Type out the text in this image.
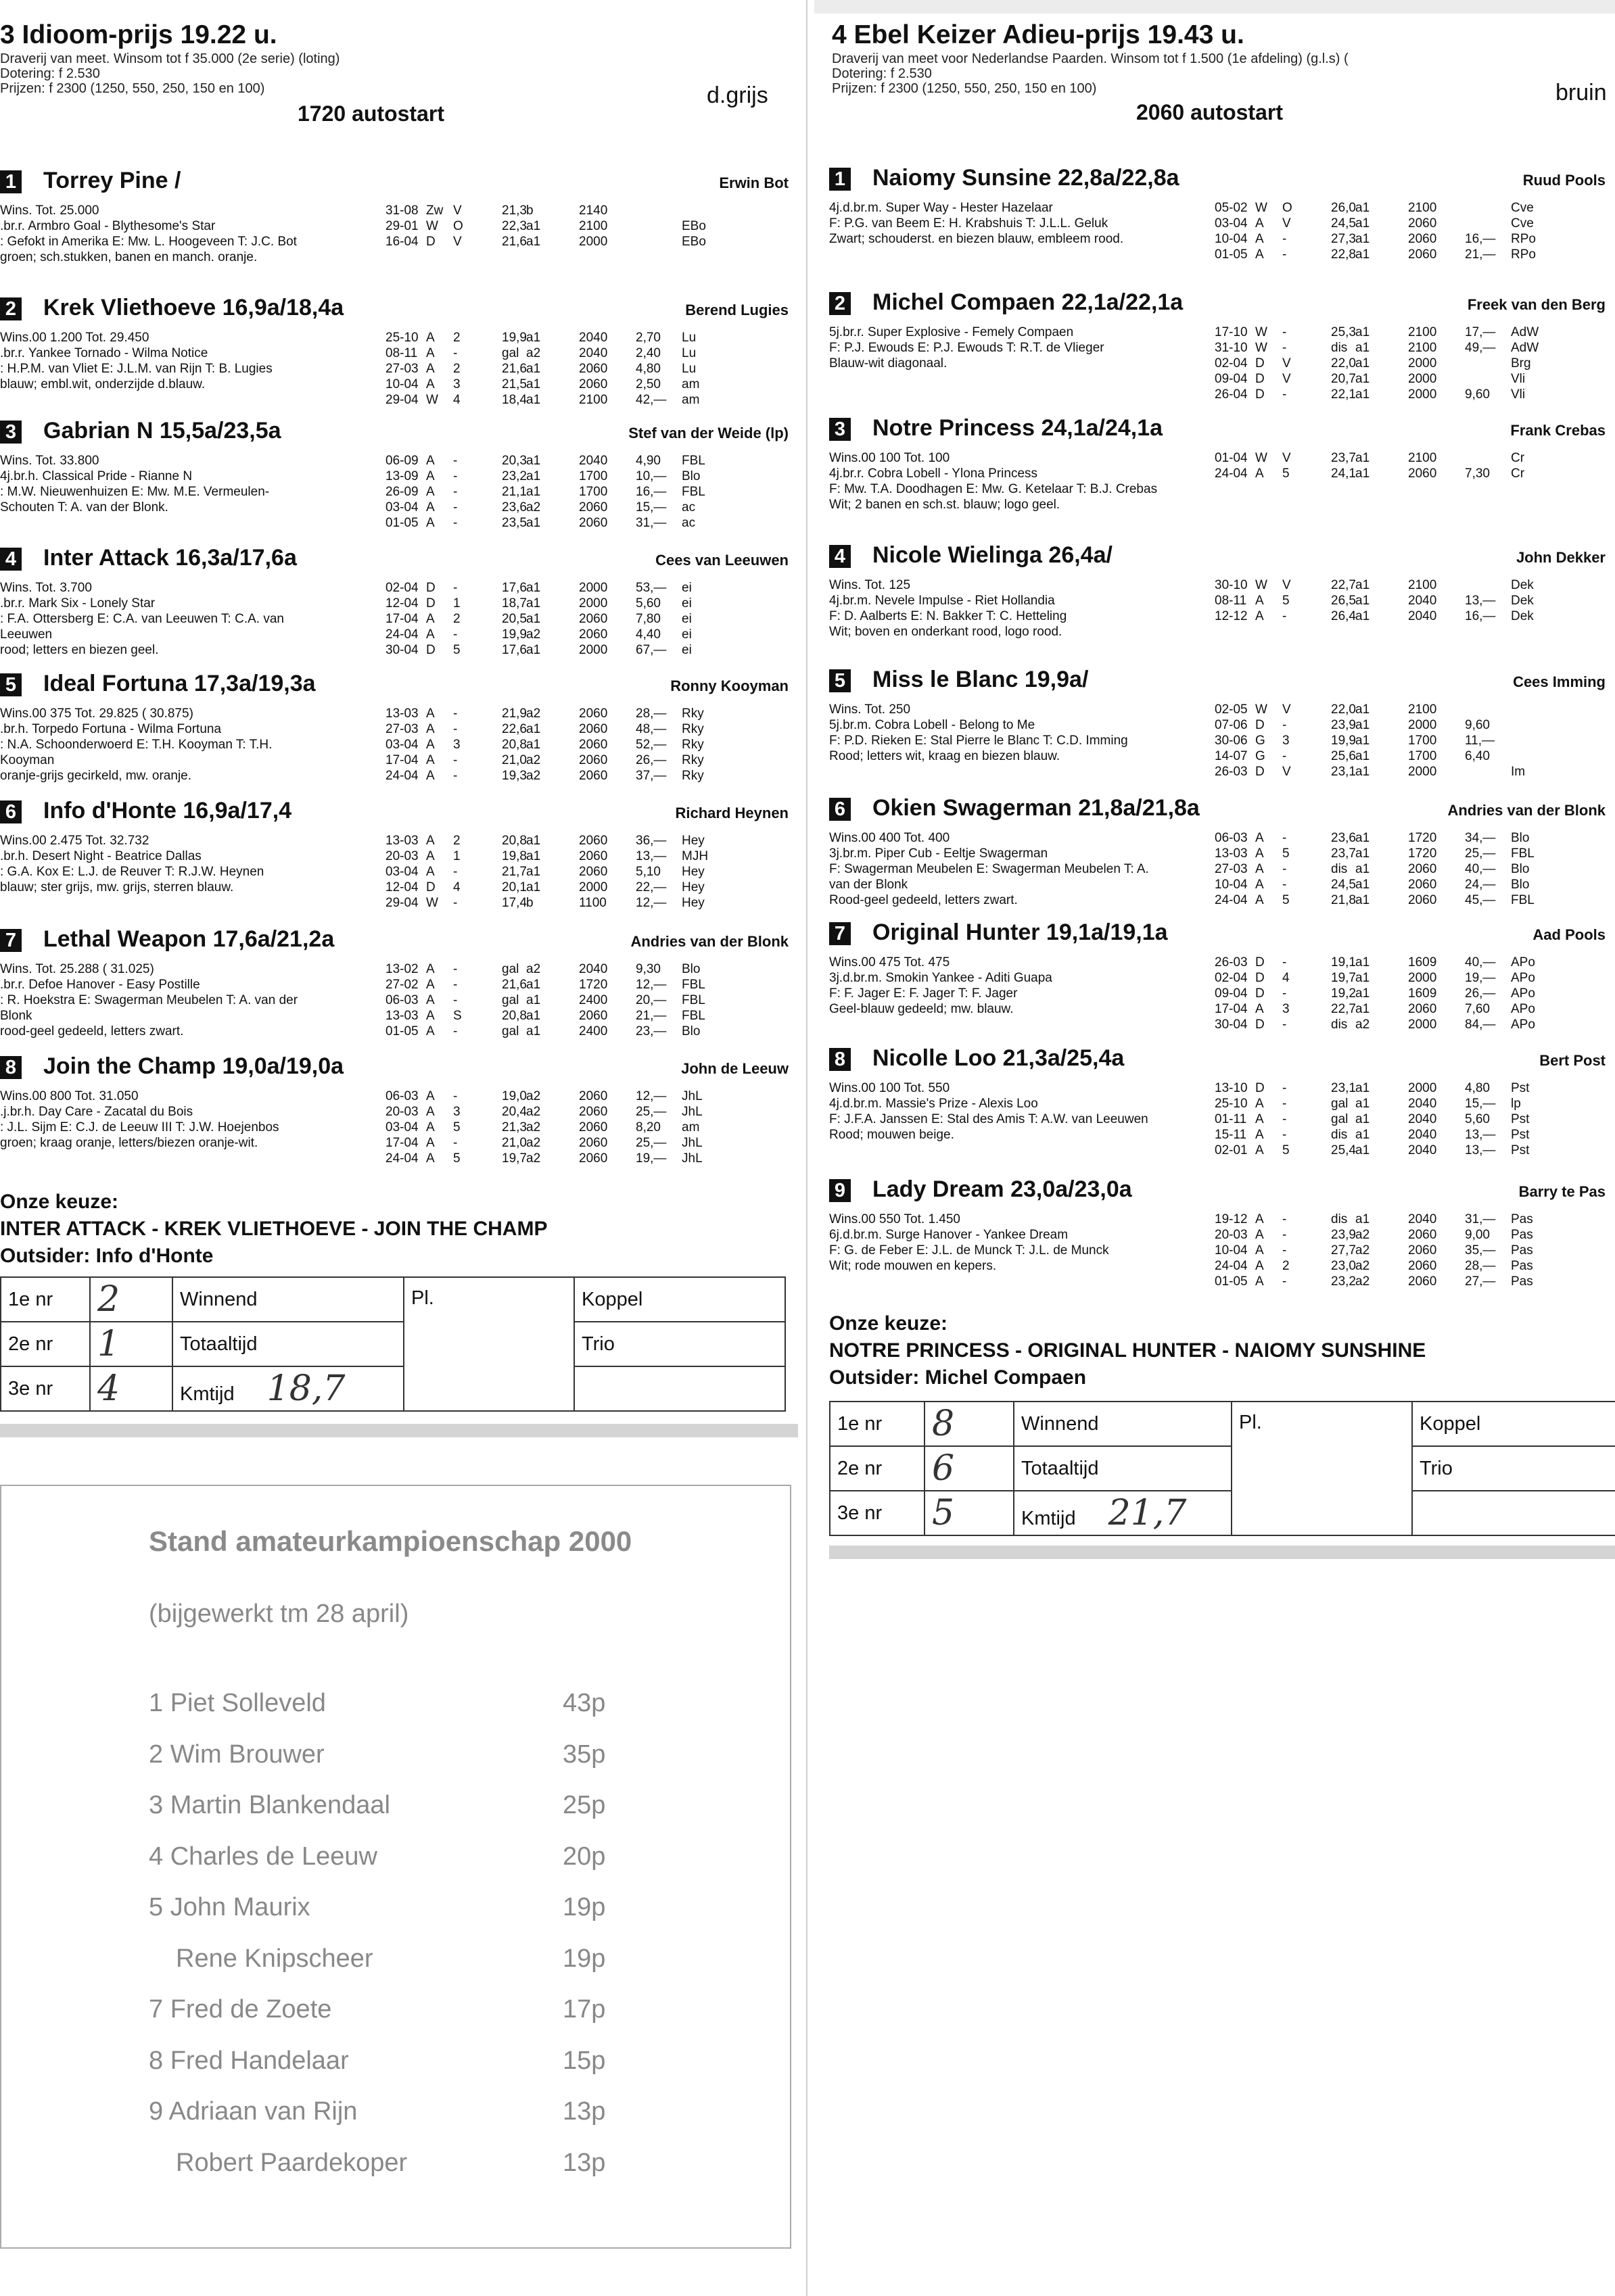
3 Idioom-prijs 19.22 u.
Draverij van meet. Winsom tot f 35.000 (2e serie) (loting)
Dotering: f 2.530
Prijzen: f 2300 (1250, 550, 250, 150 en 100)
1720 autostart
d.grijs
1 Torrey Pine /	Erwin Bot
Wins. Tot. 25.000
.br.r. Armbro Goal - Blythesome's Star
: Gefokt in Amerika E: Mw. L. Hoogeveen T: J.C. Bot
groen; sch.stukken, banen en manch. oranje.
31-08 Zw V	21,3 b	2140
29-01 W O	22,3 a1	2100	EBo
16-04 D V	21,6 a1	2000	EBo
2 Krek Vliethoeve 16,9a/18,4a	Berend Lugies
Wins.00 1.200 Tot. 29.450
.br.r. Yankee Tornado - Wilma Notice
: H.P.M. van Vliet E: J.L.M. van Rijn T: B. Lugies
blauw; embl.wit, onderzijde d.blauw.
25-10 A 2	19,9 a1	2040 2,70 Lu
08-11 A -	gal a2	2040 2,40 Lu
27-03 A 2	21,6 a1	2060 4,80 Lu
10-04 A 3	21,5 a1	2060 2,50 am
29-04 W 4	18,4 a1	2100 42,— am
3 Gabrian N 15,5a/23,5a	Stef van der Weide (lp)
Wins. Tot. 33.800
4j.br.h. Classical Pride - Rianne N
: M.W. Nieuwenhuizen E: Mw. M.E. Vermeulen-
Schouten T: A. van der Blonk.
06-09 A -	20,3 a1	2040 4,90 FBL
13-09 A -	23,2 a1	1700 10,— Blo
26-09 A -	21,1 a1	1700 16,— FBL
03-04 A -	23,6 a2	2060 15,— ac
01-05 A -	23,5 a1	2060 31,— ac
4 Inter Attack 16,3a/17,6a	Cees van Leeuwen
Wins. Tot. 3.700
.br.r. Mark Six - Lonely Star
: F.A. Ottersberg E: C.A. van Leeuwen T: C.A. van
Leeuwen
rood; letters en biezen geel.
02-04 D -	17,6 a1	2000 53,— ei
12-04 D 1	18,7 a1	2000 5,60 ei
17-04 A 2	20,5 a1	2060 7,80 ei
24-04 A -	19,9 a2	2060 4,40 ei
30-04 D 5	17,6 a1	2000 67,— ei
5 Ideal Fortuna 17,3a/19,3a	Ronny Kooyman
Wins.00 375 Tot. 29.825 ( 30.875)
.br.h. Torpedo Fortuna - Wilma Fortuna
: N.A. Schoonderwoerd E: T.H. Kooyman T: T.H.
Kooyman
oranje-grijs gecirkeld, mw. oranje.
13-03 A -	21,9 a2	2060 28,— Rky
27-03 A -	22,6 a1	2060 48,— Rky
03-04 A 3	20,8 a1	2060 52,— Rky
17-04 A -	21,0 a2	2060 26,— Rky
24-04 A -	19,3 a2	2060 37,— Rky
6 Info d'Honte 16,9a/17,4	Richard Heynen
Wins.00 2.475 Tot. 32.732
.br.h. Desert Night - Beatrice Dallas
: G.A. Kox E: L.J. de Reuver T: R.J.W. Heynen
blauw; ster grijs, mw. grijs, sterren blauw.
13-03 A 2	20,8 a1	2060 36,— Hey
20-03 A 1	19,8 a1	2060 13,— MJH
03-04 A -	21,7 a1	2060 5,10 Hey
12-04 D 4	20,1 a1	2000 22,— Hey
29-04 W -	17,4 b	1100 12,— Hey
7 Lethal Weapon 17,6a/21,2a	Andries van der Blonk
Wins. Tot. 25.288 ( 31.025)
.br.r. Defoe Hanover - Easy Postille
: R. Hoekstra E: Swagerman Meubelen T: A. van der
Blonk
rood-geel gedeeld, letters zwart.
13-02 A -	gal a2	2040 9,30 Blo
27-02 A -	21,6 a1	1720 12,— FBL
06-03 A -	gal a1	2400 20,— FBL
13-03 A S	20,8 a1	2060 21,— FBL
01-05 A -	gal a1	2400 23,— Blo
8 Join the Champ 19,0a/19,0a	John de Leeuw
Wins.00 800 Tot. 31.050
.j.br.h. Day Care - Zacatal du Bois
: J.L. Sijm E: C.J. de Leeuw III T: J.W. Hoejenbos
groen; kraag oranje, letters/biezen oranje-wit.
06-03 A -	19,0 a2	2060 12,— JhL
20-03 A 3	20,4 a2	2060 25,— JhL
03-04 A 5	21,3 a2	2060 8,20 am
17-04 A -	21,0 a2	2060 25,— JhL
24-04 A 5	19,7 a2	2060 19,— JhL
Onze keuze:
INTER ATTACK - KREK VLIETHOEVE - JOIN THE CHAMP
Outsider: Info d'Honte
1e nr	2	Winnend	Pl.	Koppel
2e nr	1	Totaaltijd		Trio
3e nr	4	Kmtijd 18,7		
Stand amateurkampioenschap 2000
(bijgewerkt tm 28 april)
1 Piet Solleveld	43p
2 Wim Brouwer	35p
3 Martin Blankendaal	25p
4 Charles de Leeuw	20p
5 John Maurix	19p
Rene Knipscheer	19p
7 Fred de Zoete	17p
8 Fred Handelaar	15p
9 Adriaan van Rijn	13p
Robert Paardekoper	13p
4 Ebel Keizer Adieu-prijs 19.43 u.
Draverij van meet voor Nederlandse Paarden. Winsom tot f 1.500 (1e afdeling) (g.l.s) (
Dotering: f 2.530
Prijzen: f 2300 (1250, 550, 250, 150 en 100)
2060 autostart
bruin
1 Naiomy Sunsine 22,8a/22,8a	Ruud Pools
4j.d.br.m. Super Way - Hester Hazelaar
F: P.G. van Beem E: H. Krabshuis T: J.L.L. Geluk
Zwart; schouderst. en biezen blauw, embleem rood.
05-02 W O	26,0 a1	2100	Cve
03-04 A V	24,5 a1	2060	Cve
10-04 A -	27,3 a1	2060 16,— RPo
01-05 A -	22,8 a1	2060 21,— RPo
2 Michel Compaen 22,1a/22,1a	Freek van den Berg
5j.br.r. Super Explosive - Femely Compaen
F: P.J. Ewouds E: P.J. Ewouds T: R.T. de Vlieger
Blauw-wit diagonaal.
17-10 W -	25,3 a1	2100 17,— AdW
31-10 W -	dis a1	2100 49,— AdW
02-04 D V	22,0 a1	2000	Brg
09-04 D V	20,7 a1	2000	Vli
26-04 D -	22,1 a1	2000 9,60 Vli
3 Notre Princess 24,1a/24,1a	Frank Crebas
Wins.00 100 Tot. 100
4j.br.r. Cobra Lobell - Ylona Princess
F: Mw. T.A. Doodhagen E: Mw. G. Ketelaar T: B.J. Crebas
Wit; 2 banen en sch.st. blauw; logo geel.
01-04 W V	23,7 a1	2100	Cr
24-04 A 5	24,1 a1	2060 7,30 Cr
4 Nicole Wielinga 26,4a/	John Dekker
Wins. Tot. 125
4j.br.m. Nevele Impulse - Riet Hollandia
F: D. Aalberts E: N. Bakker T: C. Hetteling
Wit; boven en onderkant rood, logo rood.
30-10 W V	22,7 a1	2100	Dek
08-11 A 5	26,5 a1	2040 13,— Dek
12-12 A -	26,4 a1	2040 16,— Dek
5 Miss le Blanc 19,9a/	Cees Imming
Wins. Tot. 250
5j.br.m. Cobra Lobell - Belong to Me
F: P.D. Rieken E: Stal Pierre le Blanc T: C.D. Imming
Rood; letters wit, kraag en biezen blauw.
02-05 W V	22,0 a1	2100
07-06 D -	23,9 a1	2000 9,60
30-06 G 3	19,9 a1	1700 11,—
14-07 G -	25,6 a1	1700 6,40
26-03 D V	23,1 a1	2000	Im
6 Okien Swagerman 21,8a/21,8a	Andries van der Blonk
Wins.00 400 Tot. 400
3j.br.m. Piper Cub - Eeltje Swagerman
F: Swagerman Meubelen E: Swagerman Meubelen T: A.
van der Blonk
Rood-geel gedeeld, letters zwart.
06-03 A -	23,6 a1	1720 34,— Blo
13-03 A 5	23,7 a1	1720 25,— FBL
27-03 A -	dis a1	2060 40,— Blo
10-04 A -	24,5 a1	2060 24,— Blo
24-04 A 5	21,8 a1	2060 45,— FBL
7 Original Hunter 19,1a/19,1a	Aad Pools
Wins.00 475 Tot. 475
3j.d.br.m. Smokin Yankee - Aditi Guapa
F: F. Jager E: F. Jager T: F. Jager
Geel-blauw gedeeld; mw. blauw.
26-03 D -	19,1 a1	1609 40,— APo
02-04 D 4	19,7 a1	2000 19,— APo
09-04 D -	19,2 a1	1609 26,— APo
17-04 A 3	22,7 a1	2060 7,60 APo
30-04 D -	dis a2	2000 84,— APo
8 Nicolle Loo 21,3a/25,4a	Bert Post
Wins.00 100 Tot. 550
4j.d.br.m. Massie's Prize - Alexis Loo
F: J.F.A. Janssen E: Stal des Amis T: A.W. van Leeuwen
Rood; mouwen beige.
13-10 D -	23,1 a1	2000 4,80 Pst
25-10 A -	gal a1	2040 15,— lp
01-11 A -	gal a1	2040 5,60 Pst
15-11 A -	dis a1	2040 13,— Pst
02-01 A 5	25,4 a1	2040 13,— Pst
9 Lady Dream 23,0a/23,0a	Barry te Pas
Wins.00 550 Tot. 1.450
6j.d.br.m. Surge Hanover - Yankee Dream
F: G. de Feber E: J.L. de Munck T: J.L. de Munck
Wit; rode mouwen en kepers.
19-12 A -	dis a1	2040 31,— Pas
20-03 A -	23,9 a2	2060 9,00 Pas
10-04 A -	27,7 a2	2060 35,— Pas
24-04 A 2	23,0 a2	2060 28,— Pas
01-05 A -	23,2 a2	2060 27,— Pas
Onze keuze:
NOTRE PRINCESS - ORIGINAL HUNTER - NAIOMY SUNSHINE
Outsider: Michel Compaen
1e nr	8	Winnend	Pl.	Koppel
2e nr	6	Totaaltijd		Trio
3e nr	5	Kmtijd 21,7		
